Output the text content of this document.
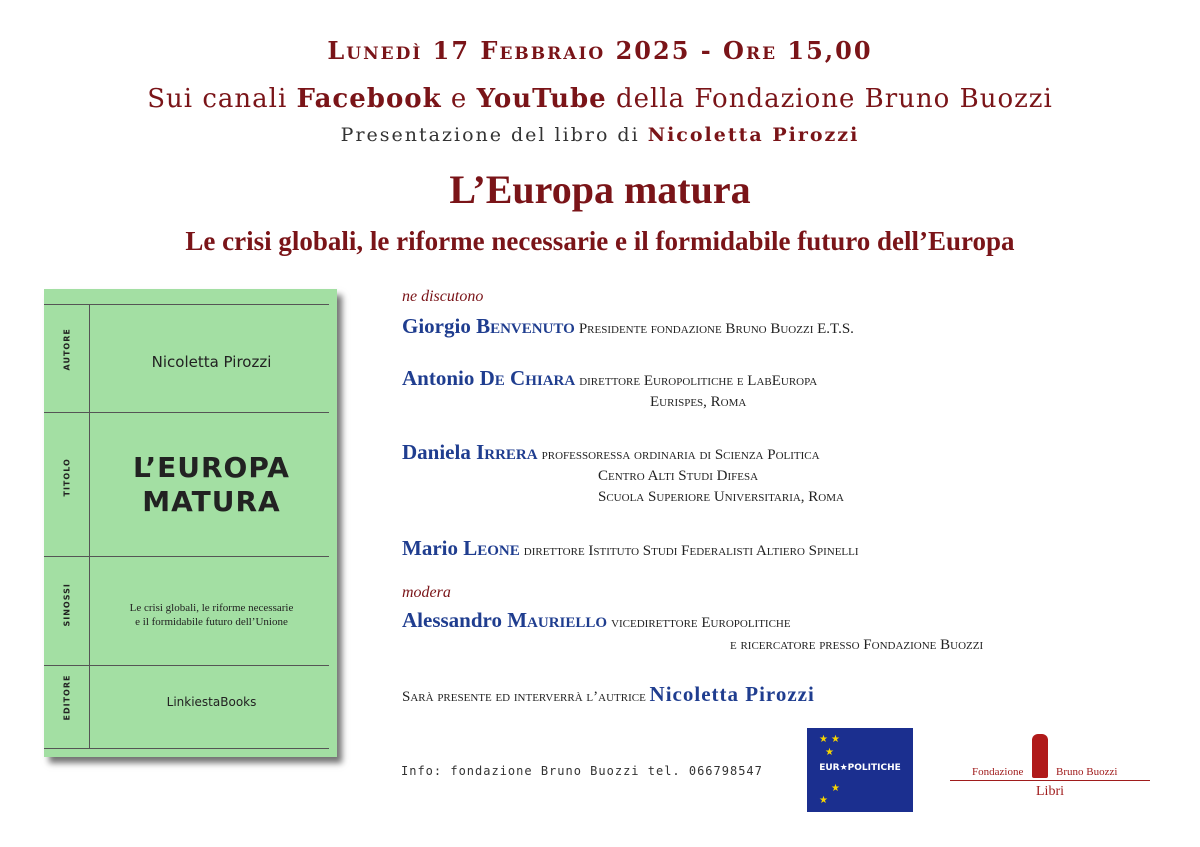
Lunedì 17 Febbraio 2025 - Ore 15,00
Sui canali Facebook e YouTube della Fondazione Bruno Buozzi
Presentazione del libro di Nicoletta Pirozzi
L’Europa matura
Le crisi globali, le riforme necessarie e il formidabile futuro dell’Europa
AUTORE
TITOLO
SINOSSI
EDITORE
Nicoletta Pirozzi
L’EUROPA
MATURA
Le crisi globali, le riforme necessarie
e il formidabile futuro dell’Unione
LinkiestaBooks
ne discutono
Giorgio Benvenuto Presidente fondazione Bruno Buozzi E.T.S.
Antonio De Chiara direttore Europolitiche e LabEuropa
Eurispes, Roma
Daniela Irrera professoressa ordinaria di Scienza Politica
Centro Alti Studi Difesa
Scuola Superiore Universitaria, Roma
Mario Leone direttore Istituto Studi Federalisti Altiero Spinelli
modera
Alessandro Mauriello vicedirettore Europolitiche
e ricercatore presso Fondazione Buozzi
Sarà presente ed interverrà l’autrice Nicoletta Pirozzi
Info: fondazione Bruno Buozzi tel. 066798547
★ ★
★
★
★
EUR★POLITICHE	Fondazione	Bruno Buozzi
Libri
